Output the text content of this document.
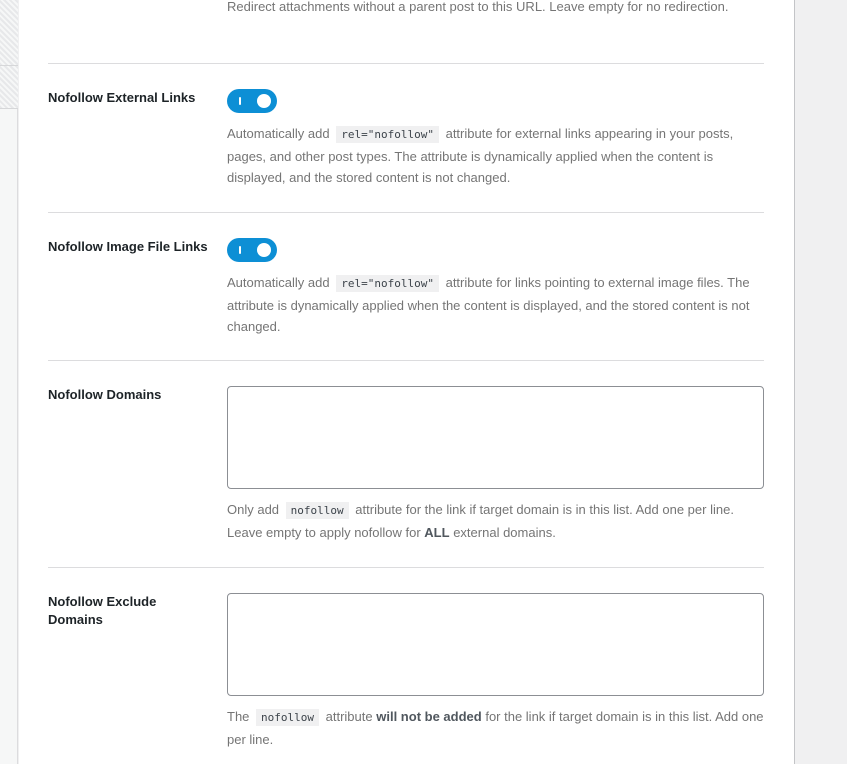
Redirect attachments without a parent post to this URL. Leave empty for no redirection.
Nofollow External Links
Automatically add rel="nofollow" attribute for external links appearing in your posts, pages, and other post types. The attribute is dynamically applied when the content is displayed, and the stored content is not changed.
Nofollow Image File Links
Automatically add rel="nofollow" attribute for links pointing to external image files. The attribute is dynamically applied when the content is displayed, and the stored content is not changed.
Nofollow Domains
Only add nofollow attribute for the link if target domain is in this list. Add one per line. Leave empty to apply nofollow for ALL external domains.
Nofollow Exclude Domains
The nofollow attribute will not be added for the link if target domain is in this list. Add one per line.
